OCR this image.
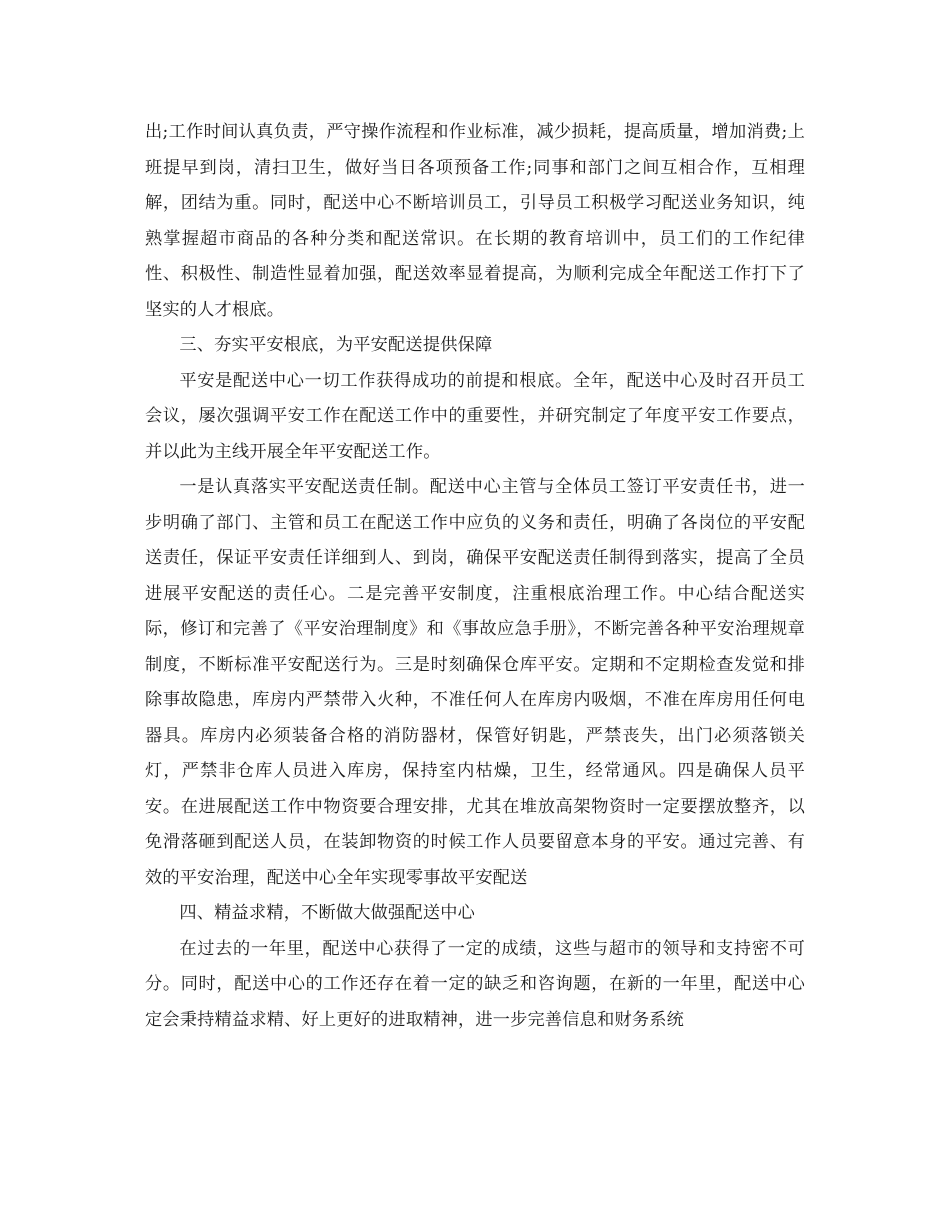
出;工作时间认真负责，严守操作流程和作业标准，减少损耗，提高质量，增加消费;上班提早到岗，清扫卫生，做好当日各项预备工作;同事和部门之间互相合作，互相理解，团结为重。同时，配送中心不断培训员工，引导员工积极学习配送业务知识，纯熟掌握超市商品的各种分类和配送常识。在长期的教育培训中，员工们的工作纪律性、积极性、制造性显着加强，配送效率显着提高，为顺利完成全年配送工作打下了坚实的人才根底。

三、夯实平安根底，为平安配送提供保障

平安是配送中心一切工作获得成功的前提和根底。全年，配送中心及时召开员工会议，屡次强调平安工作在配送工作中的重要性，并研究制定了年度平安工作要点，并以此为主线开展全年平安配送工作。

一是认真落实平安配送责任制。配送中心主管与全体员工签订平安责任书，进一步明确了部门、主管和员工在配送工作中应负的义务和责任，明确了各岗位的平安配送责任，保证平安责任详细到人、到岗，确保平安配送责任制得到落实，提高了全员进展平安配送的责任心。二是完善平安制度，注重根底治理工作。中心结合配送实际，修订和完善了《平安治理制度》和《事故应急手册》，不断完善各种平安治理规章制度，不断标准平安配送行为。三是时刻确保仓库平安。定期和不定期检查发觉和排除事故隐患，库房内严禁带入火种，不准任何人在库房内吸烟，不准在库房用任何电器具。库房内必须装备合格的消防器材，保管好钥匙，严禁丧失，出门必须落锁关灯，严禁非仓库人员进入库房，保持室内枯燥，卫生，经常通风。四是确保人员平安。在进展配送工作中物资要合理安排，尤其在堆放高架物资时一定要摆放整齐，以免滑落砸到配送人员，在装卸物资的时候工作人员要留意本身的平安。通过完善、有效的平安治理，配送中心全年实现零事故平安配送

四、精益求精，不断做大做强配送中心

在过去的一年里，配送中心获得了一定的成绩，这些与超市的领导和支持密不可分。同时，配送中心的工作还存在着一定的缺乏和咨询题，在新的一年里，配送中心定会秉持精益求精、好上更好的进取精神，进一步完善信息和财务系统
